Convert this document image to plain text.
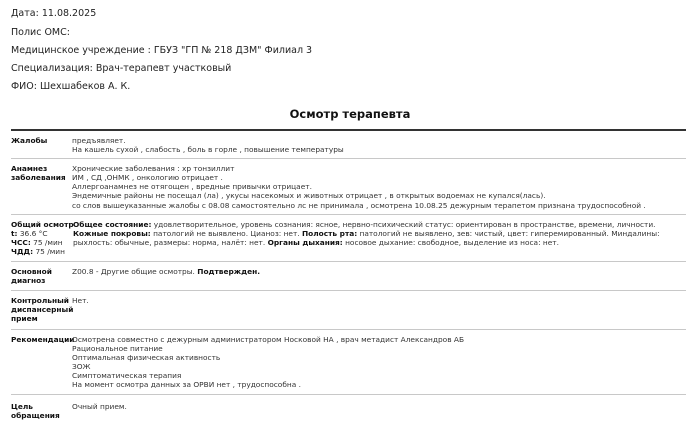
Дата: 11.08.2025
Полис ОМС:
Медицинское учреждение : ГБУЗ "ГП № 218 ДЗМ" Филиал 3
Специализация: Врач-терапевт участковый
ФИО: Шехшабеков А. К.
Осмотр терапевта
Жалобы	предъявляет.
На кашель сухой , слабость , боль в горле , повышение температуры
Анамнез заболевания
Хронические заболевания : хр тонзиллит
ИМ , СД ,ОНМК , онкологию отрицает .
Аллергоанамнез не отягощен , вредные привычки отрицает.
Эндемичные районы не посещал (ла) , укусы насекомых и животных отрицает , в открытых водоемах не купался(лась).
со слов вышеуказанные жалобы с 08.08 самостоятельно лс не принимала , осмотрена 10.08.25 дежурным терапетом признана трудоспособной .
Общий осмотр
t: 36.6 °C
ЧСС: 75 /мин
ЧДД: 75 /мин
Общее состояние: удовлетворительное, уровень сознания: ясное, нервно-психический статус: ориентирован в пространстве, времени, личности. Кожные покровы: патологий не выявлено. Цианоз: нет. Полость рта: патологий не выявлено, зев: чистый, цвет: гиперемированный. Миндалины: рыхлость: обычные, размеры: норма, налёт: нет. Органы дыхания: носовое дыхание: свободное, выделение из носа: нет.
Основной диагноз
Z00.8 - Другие общие осмотры. Подтвержден.
Контрольный диспансерный прием
Нет.
Рекомендации
Осмотрена совместно с дежурным администратором Носковой НА , врач метадист Александров АБ
Рациональное питание
Оптимальная физическая активность
ЗОЖ
Симптоматическая терапия
На момент осмотра данных за ОРВИ нет , трудоспособна .
Цель обращения
Очный прием.
